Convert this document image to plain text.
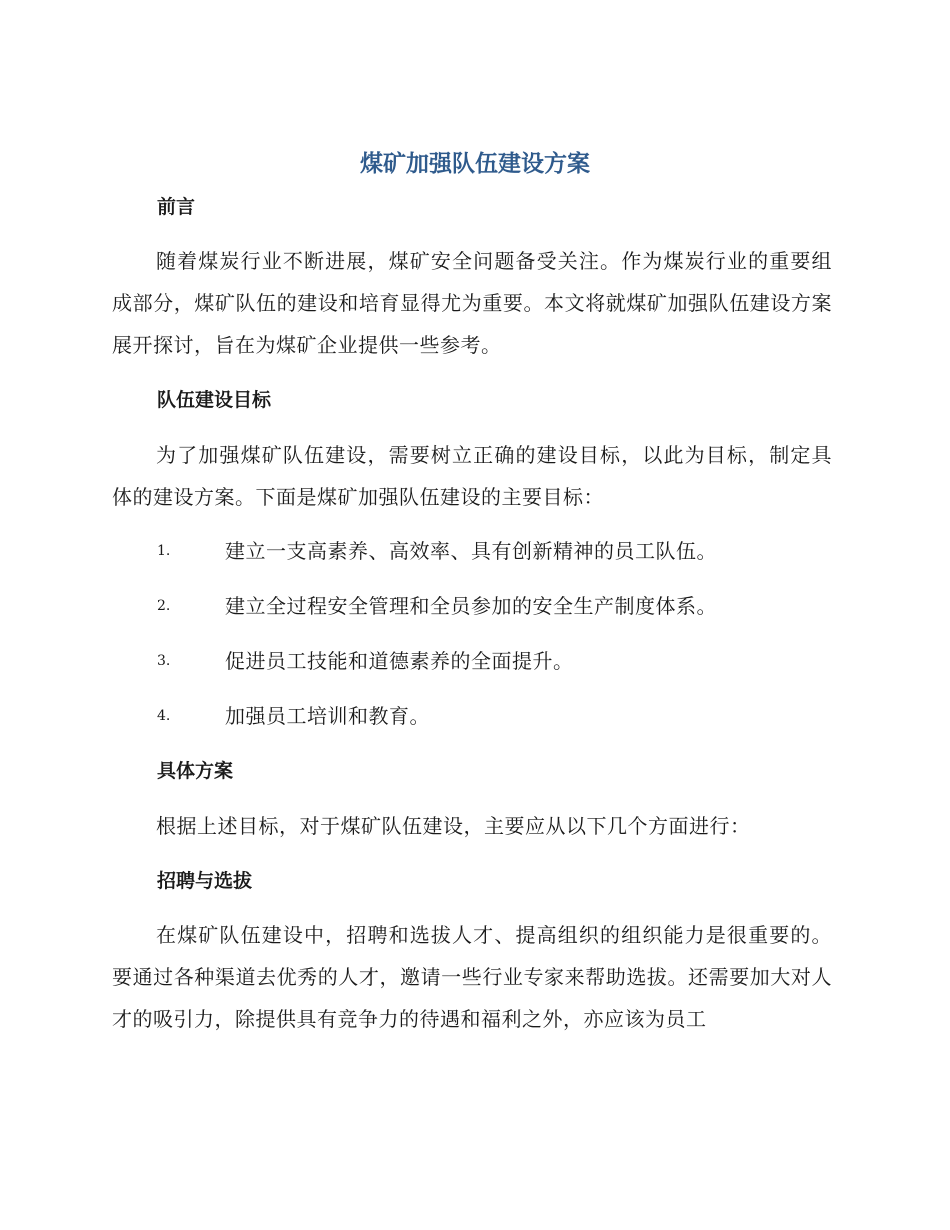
煤矿加强队伍建设方案
前言

随着煤炭行业不断进展，煤矿安全问题备受关注。作为煤炭行业的重要组成部分，煤矿队伍的建设和培育显得尤为重要。本文将就煤矿加强队伍建设方案展开探讨，旨在为煤矿企业提供一些参考。

队伍建设目标

为了加强煤矿队伍建设，需要树立正确的建设目标，以此为目标，制定具体的建设方案。下面是煤矿加强队伍建设的主要目标：

1.	建立一支高素养、高效率、具有创新精神的员工队伍。
2.	建立全过程安全管理和全员参加的安全生产制度体系。
3.	促进员工技能和道德素养的全面提升。
4.	加强员工培训和教育。
具体方案

根据上述目标，对于煤矿队伍建设，主要应从以下几个方面进行：

招聘与选拔

在煤矿队伍建设中，招聘和选拔人才、提高组织的组织能力是很重要的。要通过各种渠道去优秀的人才，邀请一些行业专家来帮助选拔。还需要加大对人才的吸引力，除提供具有竞争力的待遇和福利之外，亦应该为员工
